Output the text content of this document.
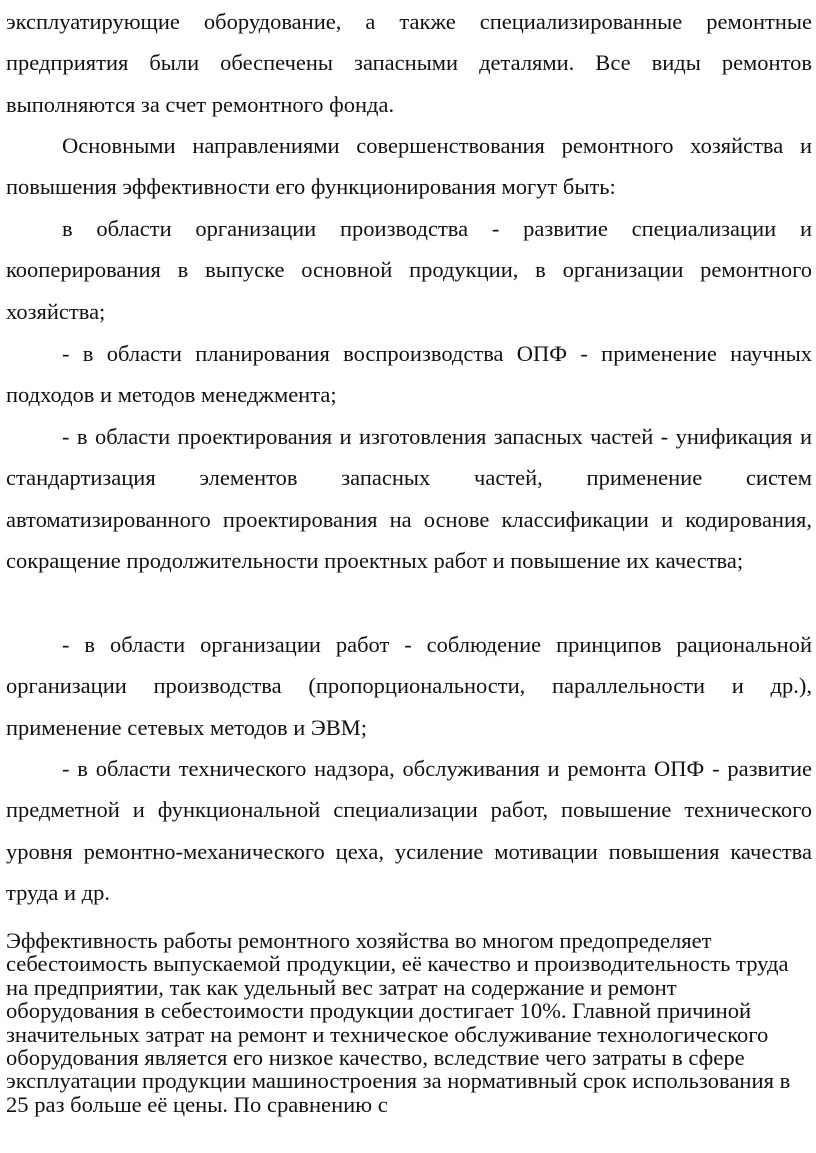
эксплуатирующие оборудование, а также специализированные ремонтные предприятия были обеспечены запасными деталями. Все виды ремонтов выполняются за счет ремонтного фонда.

Основными направлениями совершенствования ремонтного хозяйства и повышения эффективности его функционирования могут быть:

в области организации производства - развитие специализации и кооперирования в выпуске основной продукции, в организации ремонтного хозяйства;

- в области планирования воспроизводства ОПФ - применение научных подходов и методов менеджмента;

- в области проектирования и изготовления запасных частей - унификация и стандартизация элементов запасных частей, применение систем автоматизированного проектирования на основе классификации и кодирования, сокращение продолжительности проектных работ и повышение их качества;

- в области организации работ - соблюдение принципов рациональной организации производства (пропорциональности, параллельности и др.), применение сетевых методов и ЭВМ;

- в области технического надзора, обслуживания и ремонта ОПФ - развитие предметной и функциональной специализации работ, повышение технического уровня ремонтно-механического цеха, усиление мотивации повышения качества труда и др.

Эффективность работы ремонтного хозяйства во многом предопределяет себестоимость выпускаемой продукции, её качество и производительность труда на предприятии, так как удельный вес затрат на содержание и ремонт оборудования в себестоимости продукции достигает 10%. Главной причиной значительных затрат на ремонт и техническое обслуживание технологического оборудования является его низкое качество, вследствие чего затраты в сфере эксплуатации продукции машиностроения за нормативный срок использования в 25 раз больше её цены. По сравнению с
